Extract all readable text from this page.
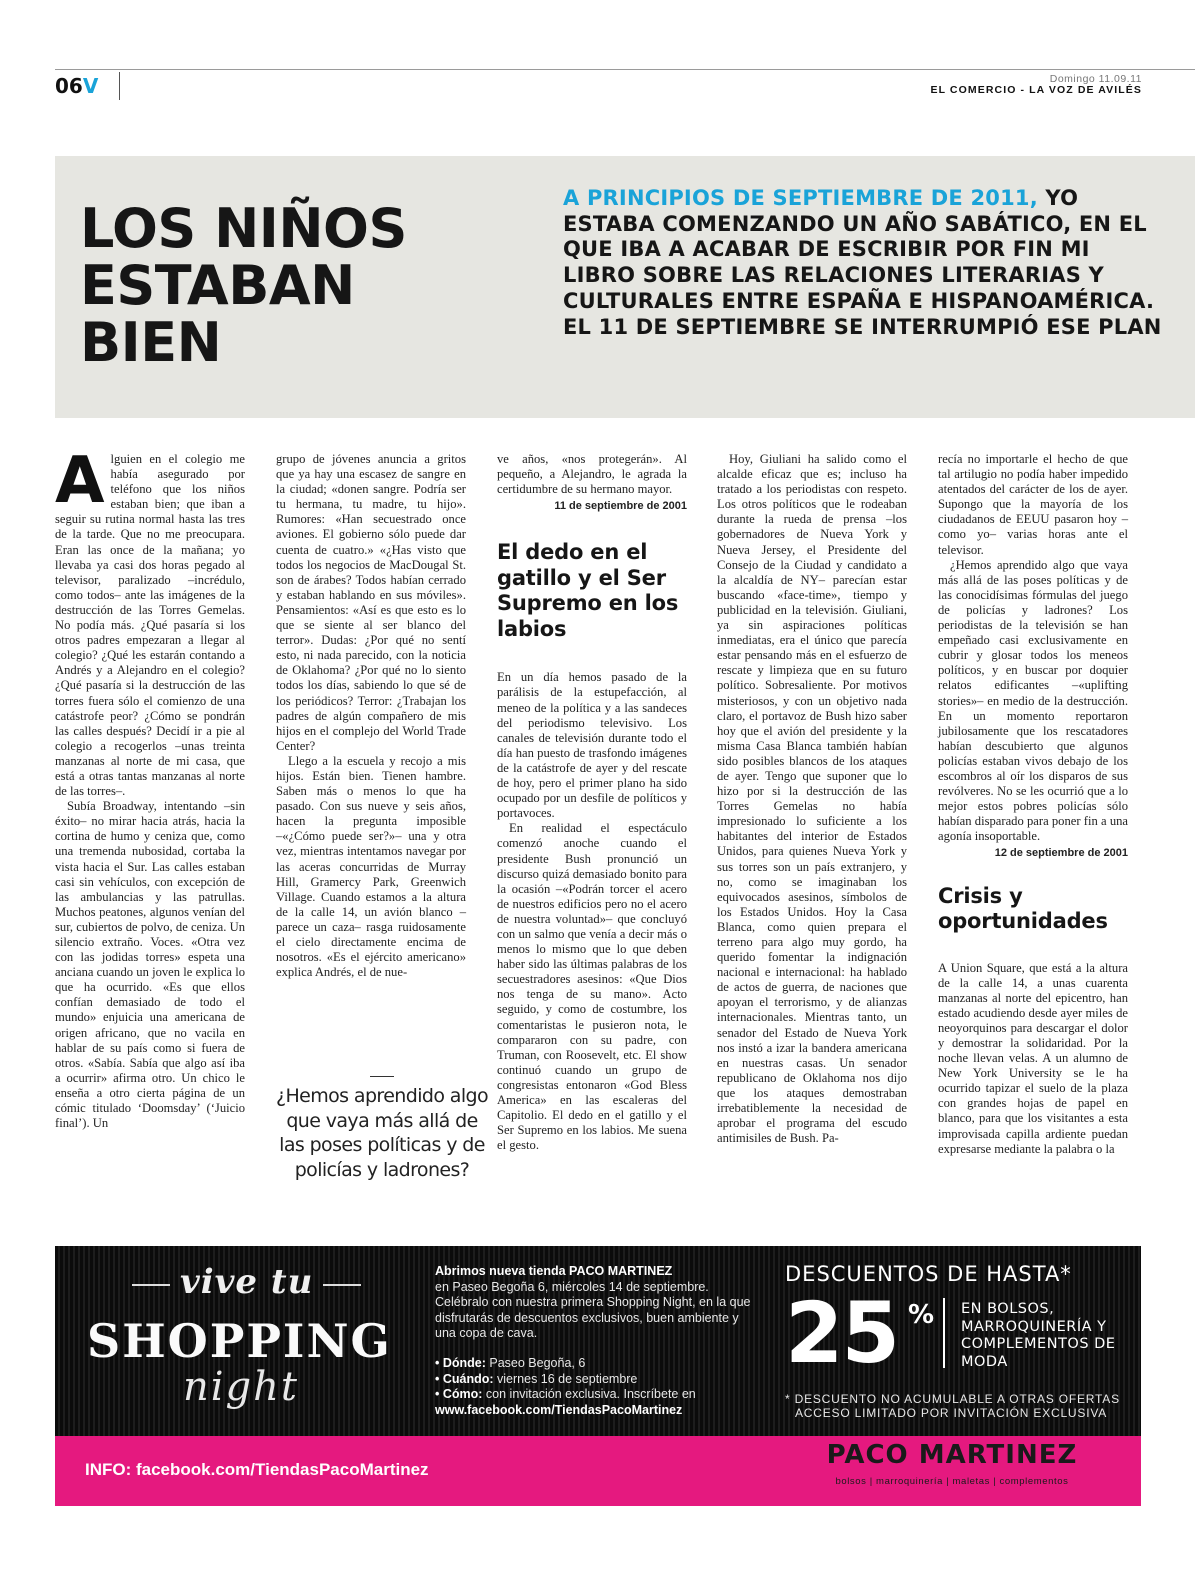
06V	Domingo 11.09.11
EL COMERCIO - LA VOZ DE AVILÉS
LOS NIÑOS ESTABAN BIEN
A PRINCIPIOS DE SEPTIEMBRE DE 2011, YO ESTABA COMENZANDO UN AÑO SABÁTICO, EN EL QUE IBA A ACABAR DE ESCRIBIR POR FIN MI LIBRO SOBRE LAS RELACIONES LITERARIAS Y CULTURALES ENTRE ESPAÑA E HISPANOAMÉRICA. EL 11 DE SEPTIEMBRE SE INTERRUMPIÓ ESE PLAN

Alguien en el colegio me había asegurado por teléfono que los niños estaban bien; que iban a seguir su rutina normal hasta las tres de la tarde. Que no me preocupara. Eran las once de la mañana; yo llevaba ya casi dos horas pegado al televisor, paralizado –incrédulo, como todos– ante las imágenes de la destrucción de las Torres Gemelas. No podía más. ¿Qué pasaría si los otros padres empezaran a llegar al colegio? ¿Qué les estarán contando a Andrés y a Alejandro en el colegio? ¿Qué pasaría si la destrucción de las torres fuera sólo el comienzo de una catástrofe peor? ¿Cómo se pondrán las calles después? Decidí ir a pie al colegio a recogerlos –unas treinta manzanas al norte de mi casa, que está a otras tantas manzanas al norte de las torres–.

Subía Broadway, intentando –sin éxito– no mirar hacia atrás, hacia la cortina de humo y ceniza que, como una tremenda nubosidad, cortaba la vista hacia el Sur. Las calles estaban casi sin vehículos, con excepción de las ambulancias y las patrullas. Muchos peatones, algunos venían del sur, cubiertos de polvo, de ceniza. Un silencio extraño. Voces. «Otra vez con las jodidas torres» espeta una anciana cuando un joven le explica lo que ha ocurrido. «Es que ellos confían demasiado de todo el mundo» enjuicia una americana de origen africano, que no vacila en hablar de su país como si fuera de otros. «Sabía. Sabía que algo así iba a ocurrir» afirma otro. Un chico le enseña a otro cierta página de un cómic titulado ‘Doomsday’ (‘Juicio final’). Un

grupo de jóvenes anuncia a gritos que ya hay una escasez de sangre en la ciudad; «donen sangre. Podría ser tu hermana, tu madre, tu hijo». Rumores: «Han secuestrado once aviones. El gobierno sólo puede dar cuenta de cuatro.» «¿Has visto que todos los negocios de MacDougal St. son de árabes? Todos habían cerrado y estaban hablando en sus móviles». Pensamientos: «Así es que esto es lo que se siente al ser blanco del terror». Dudas: ¿Por qué no sentí esto, ni nada parecido, con la noticia de Oklahoma? ¿Por qué no lo siento todos los días, sabiendo lo que sé de los periódicos? Terror: ¿Trabajan los padres de algún compañero de mis hijos en el complejo del World Trade Center?

Llego a la escuela y recojo a mis hijos. Están bien. Tienen hambre. Saben más o menos lo que ha pasado. Con sus nueve y seis años, hacen la pregunta imposible –«¿Cómo puede ser?»– una y otra vez, mientras intentamos navegar por las aceras concurridas de Murray Hill, Gramercy Park, Greenwich Village. Cuando estamos a la altura de la calle 14, un avión blanco –parece un caza– rasga ruidosamente el cielo directamente encima de nosotros. «Es el ejército americano» explica Andrés, el de nue-

¿Hemos aprendido algo que vaya más allá de las poses políticas y de policías y ladrones?

ve años, «nos protegerán». Al pequeño, a Alejandro, le agrada la certidumbre de su hermano mayor.

11 de septiembre de 2001
El dedo en el gatillo y el Ser Supremo en los labios

En un día hemos pasado de la parálisis de la estupefacción, al meneo de la política y a las sandeces del periodismo televisivo. Los canales de televisión durante todo el día han puesto de trasfondo imágenes de la catástrofe de ayer y del rescate de hoy, pero el primer plano ha sido ocupado por un desfile de políticos y portavoces.

En realidad el espectáculo comenzó anoche cuando el presidente Bush pronunció un discurso quizá demasiado bonito para la ocasión –«Podrán torcer el acero de nuestros edificios pero no el acero de nuestra voluntad»– que concluyó con un salmo que venía a decir más o menos lo mismo que lo que deben haber sido las últimas palabras de los secuestradores asesinos: «Que Dios nos tenga de su mano». Acto seguido, y como de costumbre, los comentaristas le pusieron nota, le compararon con su padre, con Truman, con Roosevelt, etc. El show continuó cuando un grupo de congresistas entonaron «God Bless America» en las escaleras del Capitolio. El dedo en el gatillo y el Ser Supremo en los labios. Me suena el gesto.

Hoy, Giuliani ha salido como el alcalde eficaz que es; incluso ha tratado a los periodistas con respeto. Los otros políticos que le rodeaban durante la rueda de prensa –los gobernadores de Nueva York y Nueva Jersey, el Presidente del Consejo de la Ciudad y candidato a la alcaldía de NY– parecían estar buscando «face-time», tiempo y publicidad en la televisión. Giuliani, ya sin aspiraciones políticas inmediatas, era el único que parecía estar pensando más en el esfuerzo de rescate y limpieza que en su futuro político. Sobresaliente. Por motivos misteriosos, y con un objetivo nada claro, el portavoz de Bush hizo saber hoy que el avión del presidente y la misma Casa Blanca también habían sido posibles blancos de los ataques de ayer. Tengo que suponer que lo hizo por si la destrucción de las Torres Gemelas no había impresionado lo suficiente a los habitantes del interior de Estados Unidos, para quienes Nueva York y sus torres son un país extranjero, y no, como se imaginaban los equivocados asesinos, símbolos de los Estados Unidos. Hoy la Casa Blanca, como quien prepara el terreno para algo muy gordo, ha querido fomentar la indignación nacional e internacional: ha hablado de actos de guerra, de naciones que apoyan el terrorismo, y de alianzas internacionales. Mientras tanto, un senador del Estado de Nueva York nos instó a izar la bandera americana en nuestras casas. Un senador republicano de Oklahoma nos dijo que los ataques demostraban irrebatiblemente la necesidad de aprobar el programa del escudo antimisiles de Bush. Pa-

recía no importarle el hecho de que tal artilugio no podía haber impedido atentados del carácter de los de ayer. Supongo que la mayoría de los ciudadanos de EEUU pasaron hoy –como yo– varias horas ante el televisor.

¿Hemos aprendido algo que vaya más allá de las poses políticas y de las conocidísimas fórmulas del juego de policías y ladrones? Los periodistas de la televisión se han empeñado casi exclusivamente en cubrir y glosar todos los meneos políticos, y en buscar por doquier relatos edificantes –«uplifting stories»– en medio de la destrucción. En un momento reportaron jubilosamente que los rescatadores habían descubierto que algunos policías estaban vivos debajo de los escombros al oír los disparos de sus revólveres. No se les ocurrió que a lo mejor estos pobres policías sólo habían disparado para poner fin a una agonía insoportable.

12 de septiembre de 2001
Crisis y oportunidades

A Union Square, que está a la altura de la calle 14, a unas cuarenta manzanas al norte del epicentro, han estado acudiendo desde ayer miles de neoyorquinos para descargar el dolor y demostrar la solidaridad. Por la noche llevan velas. A un alumno de New York University se le ha ocurrido tapizar el suelo de la plaza con grandes hojas de papel en blanco, para que los visitantes a esta improvisada capilla ardiente puedan expresarse mediante la palabra o la

vive tu
SHOPPING
night
Abrimos nueva tienda PACO MARTINEZ
en Paseo Begoña 6, miércoles 14 de septiembre. Celébralo con nuestra primera Shopping Night, en la que disfrutarás de descuentos exclusivos, buen ambiente y una copa de cava.
• Dónde: Paseo Begoña, 6
• Cuándo: viernes 16 de septiembre
• Cómo: con invitación exclusiva. Inscríbete en
www.facebook.com/TiendasPacoMartinez
DESCUENTOS DE HASTA*
25 % EN BOLSOS, MARROQUINERÍA Y COMPLEMENTOS DE MODA
* DESCUENTO NO ACUMULABLE A OTRAS OFERTAS
ACCESO LIMITADO POR INVITACIÓN EXCLUSIVA
INFO: facebook.com/TiendasPacoMartinez	PACO MARTINEZ
bolsos | marroquinería | maletas | complementos
